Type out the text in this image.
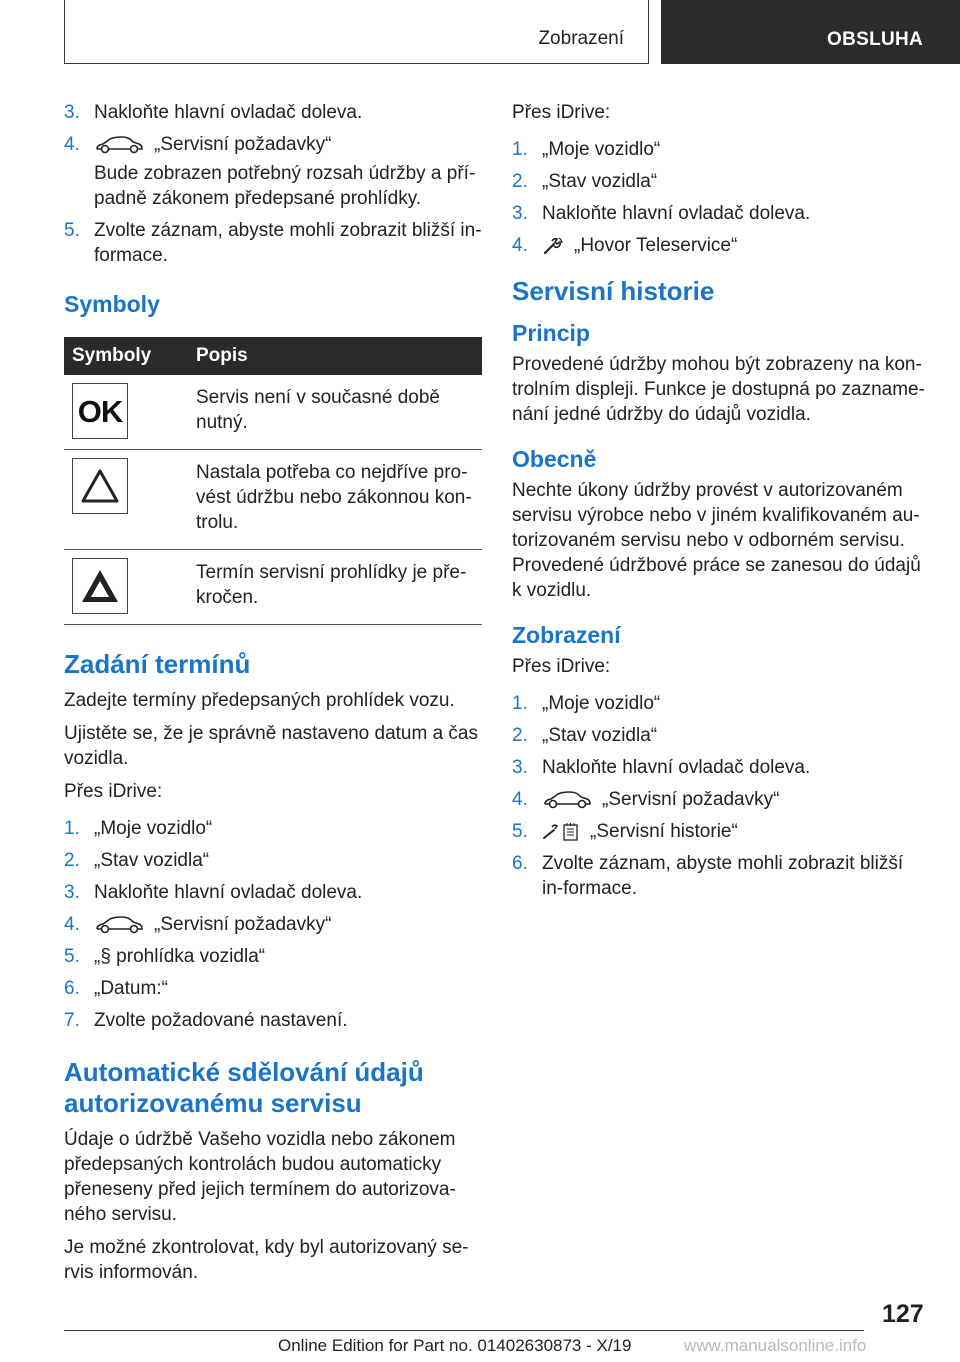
Zobrazení	OBSLUHA
3. Nakloňte hlavní ovladač doleva.
4.	„Servisní požadavky“
Bude zobrazen potřebný rozsah údržby a pří-padně zákonem předepsané prohlídky.
5. Zvolte záznam, abyste mohli zobrazit bližší in-formace.
Symboly
Symboly	Popis

OK	Servis není v současné době nutný.

	Nastala potřeba co nejdříve pro-vést údržbu nebo zákonnou kon-trolu.

	Termín servisní prohlídky je pře-kročen.
Zadání termínů

Zadejte termíny předepsaných prohlídek vozu.

Ujistěte se, že je správně nastaveno datum a čas vozidla.

Přes iDrive:

1. „Moje vozidlo“
2. „Stav vozidla“
3. Nakloňte hlavní ovladač doleva.
4.	„Servisní požadavky“
5. „§ prohlídka vozidla“
6. „Datum:“
7. Zvolte požadované nastavení.
Automatické sdělování údajů autorizovanému servisu

Údaje o údržbě Vašeho vozidla nebo zákonem předepsaných kontrolách budou automaticky přeneseny před jejich termínem do autorizova-ného servisu.

Je možné zkontrolovat, kdy byl autorizovaný se-rvis informován.

Přes iDrive:

1. „Moje vozidlo“
2. „Stav vozidla“
3. Nakloňte hlavní ovladač doleva.
4. „Hovor Teleservice“
Servisní historie
Princip

Provedené údržby mohou být zobrazeny na kon-trolním displeji. Funkce je dostupná po zazname-nání jedné údržby do údajů vozidla.

Obecně

Nechte úkony údržby provést v autorizovaném servisu výrobce nebo v jiném kvalifikovaném au-torizovaném servisu nebo v odborném servisu. Provedené údržbové práce se zanesou do údajů k vozidlu.

Zobrazení

Přes iDrive:

1. „Moje vozidlo“
2. „Stav vozidla“
3. Nakloňte hlavní ovladač doleva.
4.	„Servisní požadavky“
5.	„Servisní historie“
6. Zvolte záznam, abyste mohli zobrazit bližší in-formace.
127
Online Edition for Part no. 01402630873 - X/19	www.manualsonline.info
